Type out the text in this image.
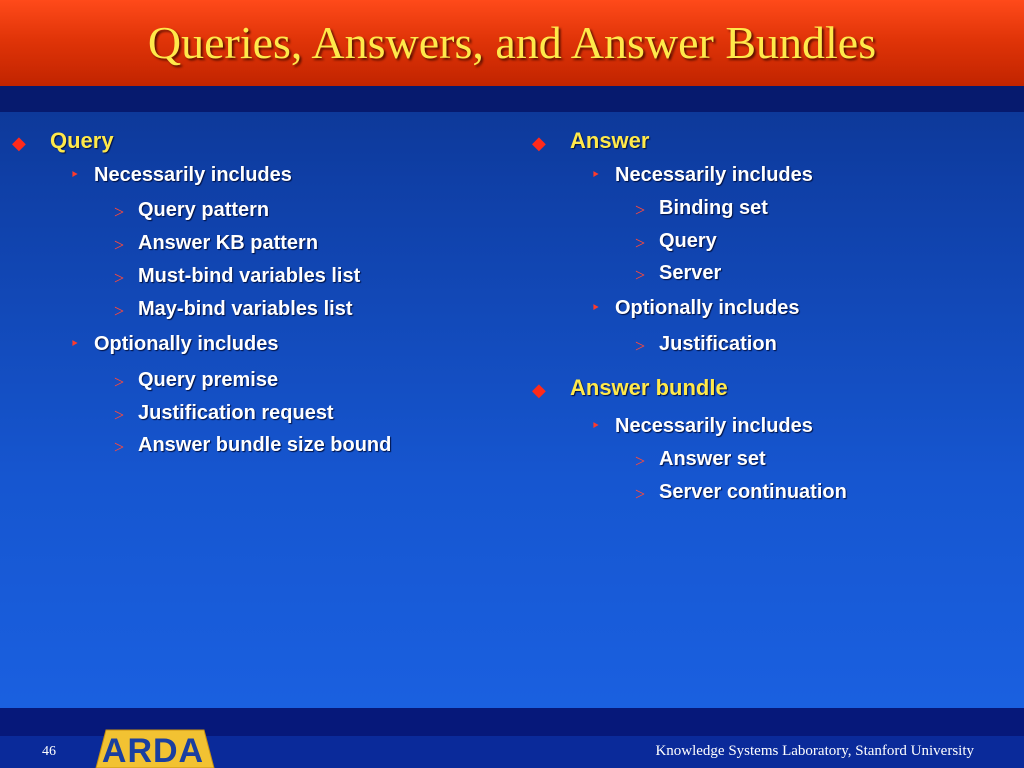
Queries, Answers, and Answer Bundles
◆ Query
‣ Necessarily includes
> Query pattern
> Answer KB pattern
> Must-bind variables list
> May-bind variables list
‣ Optionally includes
> Query premise
> Justification request
> Answer bundle size bound
◆ Answer
‣ Necessarily includes
> Binding set
> Query
> Server
‣ Optionally includes
> Justification
◆ Answer bundle
‣ Necessarily includes
> Answer set
> Server continuation
46	ARDA	Knowledge Systems Laboratory, Stanford University
